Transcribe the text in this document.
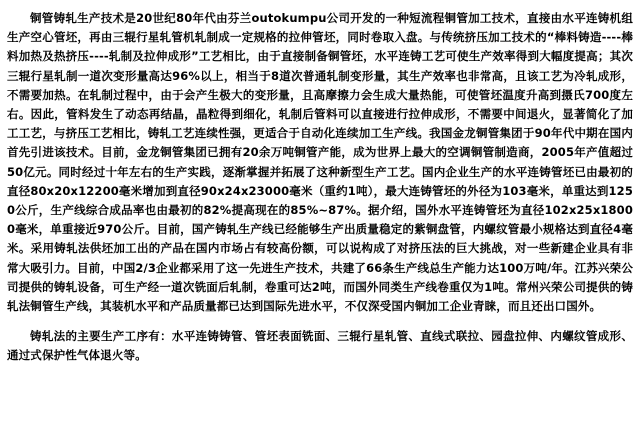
铜管铸轧生产技术是20世纪80年代由芬兰outokumpu公司开发的一种短流程铜管加工技术，直接由水平连铸机组生产空心管坯，再由三辊行星轧管机轧制成一定规格的拉伸管坯，同时卷取入盘。与传统挤压加工技术的“棒料铸造----棒料加热及热挤压----轧制及拉伸成形”工艺相比，由于直接制备铜管坯，水平连铸工艺可使生产效率得到大幅度提高；其次三辊行星轧制一道次变形量高达96%以上，相当于8道次普通轧制变形量，其生产效率也非常高，且该工艺为冷轧成形，不需要加热。在轧制过程中，由于会产生极大的变形量，且高摩擦力会生成大量热能，可使管坯温度升高到摄氏700度左右。因此，管料发生了动态再结晶，晶粒得到细化，轧制后管料可以直接进行拉伸成形，不需要中间退火，显著简化了加工工艺，与挤压工艺相比，铸轧工艺连续性强，更适合于自动化连续加工生产线。我国金龙铜管集团于90年代中期在国内首先引进该技术。目前，金龙铜管集团已拥有20余万吨铜管产能，成为世界上最大的空调铜管制造商，2005年产值超过50亿元。同时经过十年左右的生产实践，逐渐掌握并拓展了这种新型生产工艺。国内企业生产的水平连铸管坯已由最初的直径80x20x12200毫米增加到直径90x24x23000毫米（重约1吨），最大连铸管坯的外径为103毫米，单重达到1250公斤，生产线综合成品率也由最初的82%提高现在的85%~87%。据介绍，国外水平连铸管坯为直径102x25x18000毫米，单重接近970公斤。目前，国产铸轧生产线已经能够生产出质量稳定的紫铜盘管，内螺纹管最小规格达到直径4毫米。采用铸轧法供坯加工出的产品在国内市场占有较高份额，可以说构成了对挤压法的巨大挑战，对一些新建企业具有非常大吸引力。目前，中国2/3企业都采用了这一先进生产技术，共建了66条生产线总生产能力达100万吨/年。江苏兴荣公司提供的铸轧设备，可生产经一道次铣面后轧制，卷重可达2吨，而国外同类生产线卷重仅为1吨。常州兴荣公司提供的铸轧法铜管生产线，其装机水平和产品质量都已达到国际先进水平，不仅深受国内铜加工企业青睐，而且还出口国外。

铸轧法的主要生产工序有：水平连铸铸管、管坯表面铣面、三辊行星轧管、直线式联拉、园盘拉伸、内螺纹管成形、通过式保护性气体退火等。
